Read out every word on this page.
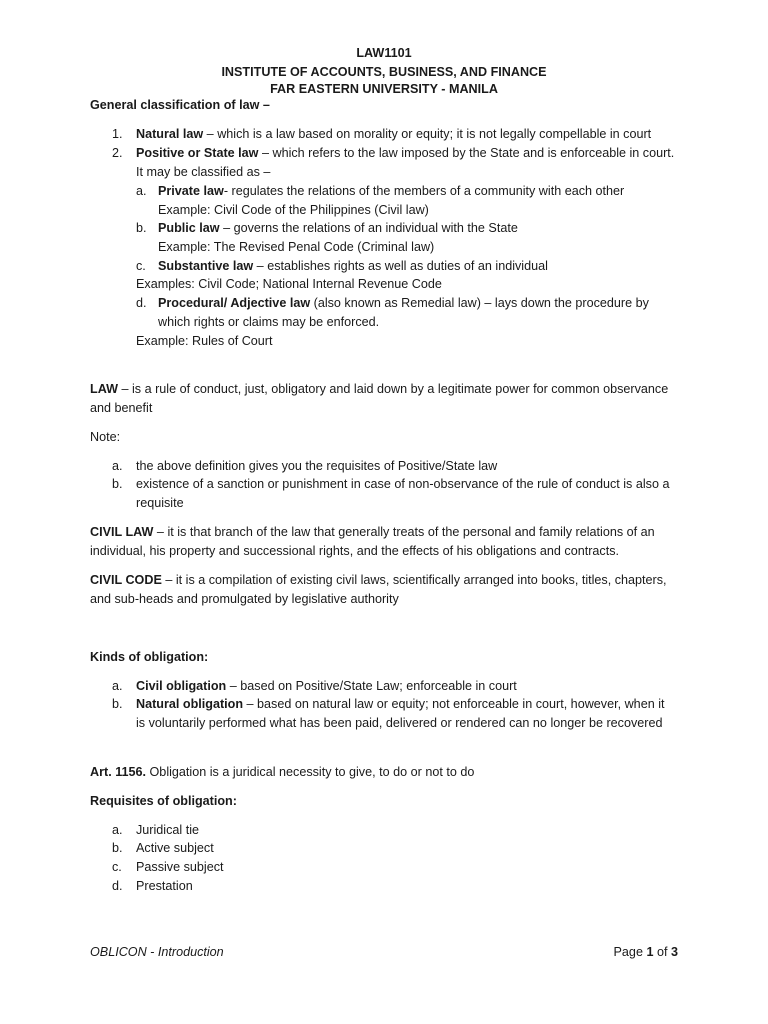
LAW1101
INSTITUTE OF ACCOUNTS, BUSINESS, AND FINANCE
FAR EASTERN UNIVERSITY - MANILA
General classification of law –
1. Natural law – which is a law based on morality or equity; it is not legally compellable in court
2. Positive or State law – which refers to the law imposed by the State and is enforceable in court.
It may be classified as –
a. Private law- regulates the relations of the members of a community with each other
Example: Civil Code of the Philippines (Civil law)
b. Public law – governs the relations of an individual with the State
Example: The Revised Penal Code (Criminal law)
c. Substantive law – establishes rights as well as duties of an individual
Examples: Civil Code; National Internal Revenue Code
d. Procedural/ Adjective law (also known as Remedial law) – lays down the procedure by
which rights or claims may be enforced.
Example: Rules of Court
LAW – is a rule of conduct, just, obligatory and laid down by a legitimate power for common observance
and benefit
Note:
a. the above definition gives you the requisites of Positive/State law
b. existence of a sanction or punishment in case of non-observance of the rule of conduct is also a
requisite
CIVIL LAW – it is that branch of the law that generally treats of the personal and family relations of an
individual, his property and successional rights, and the effects of his obligations and contracts.
CIVIL CODE – it is a compilation of existing civil laws, scientifically arranged into books, titles, chapters,
and sub-heads and promulgated by legislative authority
Kinds of obligation:
a. Civil obligation – based on Positive/State Law; enforceable in court
b. Natural obligation – based on natural law or equity; not enforceable in court, however, when it
is voluntarily performed what has been paid, delivered or rendered can no longer be recovered
Art. 1156. Obligation is a juridical necessity to give, to do or not to do
Requisites of obligation:
a. Juridical tie
b. Active subject
c. Passive subject
d. Prestation
OBLICON - Introduction	Page 1 of 3
